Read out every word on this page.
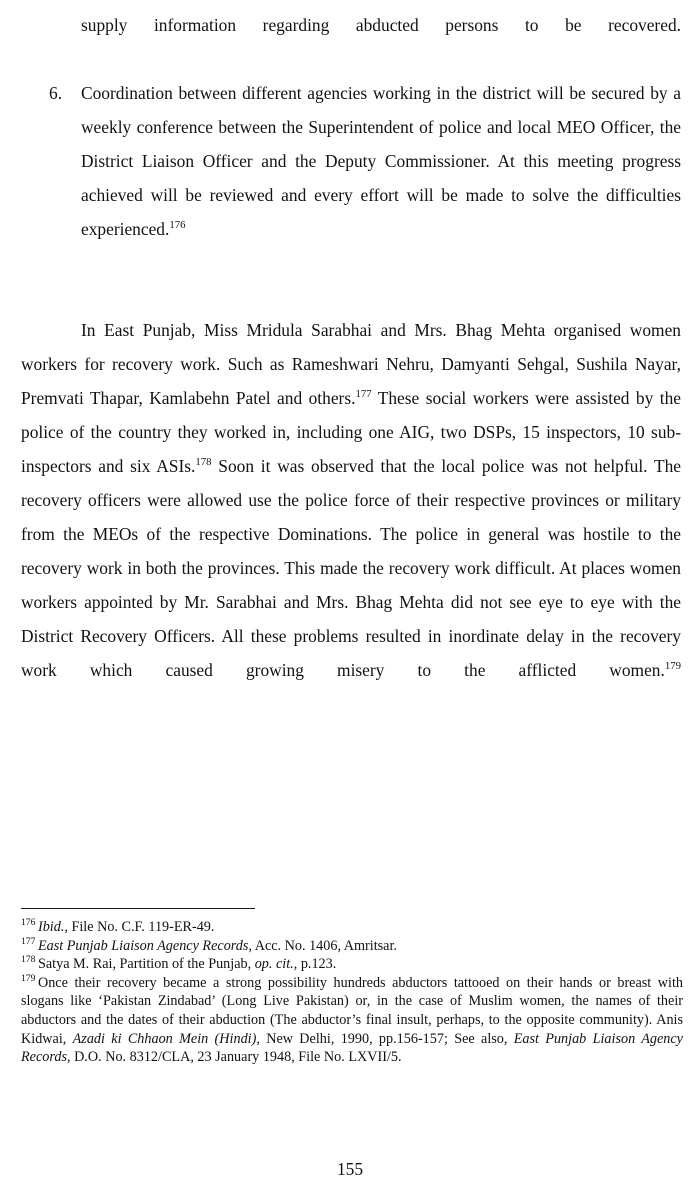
supply information regarding abducted persons to be recovered.

6.	Coordination between different agencies working in the district will be secured by a weekly conference between the Superintendent of police and local MEO Officer, the District Liaison Officer and the Deputy Commissioner. At this meeting progress achieved will be reviewed and every effort will be made to solve the difficulties experienced.$^{176}$

In East Punjab, Miss Mridula Sarabhai and Mrs. Bhag Mehta organised women workers for recovery work. Such as Rameshwari Nehru, Damyanti Sehgal, Sushila Nayar, Premvati Thapar, Kamlabehn Patel and others.$^{177}$ These social workers were assisted by the police of the country they worked in, including one AIG, two DSPs, 15 inspectors, 10 sub-inspectors and six ASIs.$^{178}$ Soon it was observed that the local police was not helpful. The recovery officers were allowed use the police force of their respective provinces or military from the MEOs of the respective Dominations. The police in general was hostile to the recovery work in both the provinces. This made the recovery work difficult. At places women workers appointed by Mr. Sarabhai and Mrs. Bhag Mehta did not see eye to eye with the District Recovery Officers. All these problems resulted in inordinate delay in the recovery work which caused growing misery to the afflicted women.$^{179}$

$^{176}$ Ibid., File No. C.F. 119-ER-49.

$^{177}$ East Punjab Liaison Agency Records, Acc. No. 1406, Amritsar.

$^{178}$ Satya M. Rai, Partition of the Punjab, op. cit., p.123.

$^{179}$ Once their recovery became a strong possibility hundreds abductors tattooed on their hands or breast with slogans like ‘Pakistan Zindabad’ (Long Live Pakistan) or, in the case of Muslim women, the names of their abductors and the dates of their abduction (The abductor’s final insult, perhaps, to the opposite community). Anis Kidwai, Azadi ki Chhaon Mein (Hindi), New Delhi, 1990, pp.156-157; See also, East Punjab Liaison Agency Records, D.O. No. 8312/CLA, 23 January 1948, File No. LXVII/5.

155
